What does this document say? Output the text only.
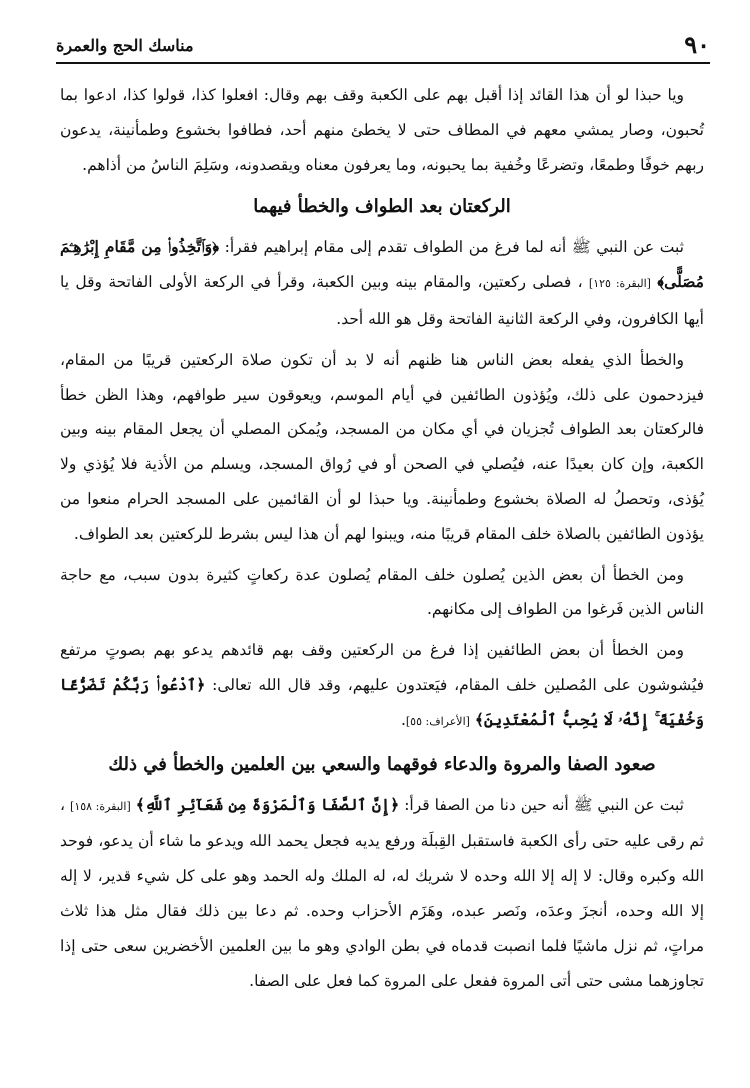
٩٠
مناسك الحج والعمرة

ويا حبذا لو أن هذا القائد إذا أقبل بهم على الكعبة وقف بهم وقال: افعلوا كذا، قولوا كذا، ادعوا بما تُحبون، وصار يمشي معهم في المطاف حتى لا يخطئ منهم أحد، فطافوا بخشوع وطمأنينة، يدعون ربهم خوفًا وطمعًا، وتضرعًا وخُفية بما يحبونه، وما يعرفون معناه ويقصدونه، وسَلِمَ الناسُ من أذاهم.

الركعتان بعد الطواف والخطأ فيهما

ثبت عن النبي ﷺ أنه لما فرغ من الطواف تقدم إلى مقام إبراهيم فقرأ: ﴿وَٱتَّخِذُوا۟ مِن مَّقَامِ إِبْرَٰهِـۧمَ مُصَلًّى﴾ [البقرة: ١٢٥] ، فصلى ركعتين، والمقام بينه وبين الكعبة، وقرأ في الركعة الأولى الفاتحة وقل يا أيها الكافرون، وفي الركعة الثانية الفاتحة وقل هو الله أحد.

والخطأ الذي يفعله بعض الناس هنا ظنهم أنه لا بد أن تكون صلاة الركعتين قريبًا من المقام، فيزدحمون على ذلك، ويُؤذون الطائفين في أيام الموسم، ويعوقون سير طوافهم، وهذا الظن خطأ فالركعتان بعد الطواف تُجزيان في أي مكان من المسجد، ويُمكن المصلي أن يجعل المقام بينه وبين الكعبة، وإن كان بعيدًا عنه، فيُصلي في الصحن أو في رُواق المسجد، ويسلم من الأذية فلا يُؤذي ولا يُؤذى، وتحصلُ له الصلاة بخشوع وطمأنينة. ويا حبذا لو أن القائمين على المسجد الحرام منعوا من يؤذون الطائفين بالصلاة خلف المقام قريبًا منه، ويبنوا لهم أن هذا ليس بشرط للركعتين بعد الطواف.

ومن الخطأ أن بعض الذين يُصلون خلف المقام يُصلون عدة ركعاتٍ كثيرة بدون سبب، مع حاجة الناس الذين فَرغوا من الطواف إلى مكانهم.

ومن الخطأ أن بعض الطائفين إذا فرغ من الركعتين وقف بهم قائدهم يدعو بهم بصوتٍ مرتفع فيُشوشون على المُصلين خلف المقام، فيَعتدون عليهم، وقد قال الله تعالى: ﴿ٱدْعُوا۟ رَبَّكُمْ تَضَرُّعًا وَخُفْيَةً ۚ إِنَّهُۥ لَا يُحِبُّ ٱلْمُعْتَدِينَ﴾ [الأعراف: ٥٥].

صعود الصفا والمروة والدعاء فوقهما والسعي بين العلمين والخطأ في ذلك

ثبت عن النبي ﷺ أنه حين دنا من الصفا قرأ: ﴿إِنَّ ٱلصَّفَا وَٱلْمَرْوَةَ مِن شَعَآئِرِ ٱللَّهِ﴾ [البقرة: ١٥٨] ، ثم رقى عليه حتى رأى الكعبة فاستقبل القِبلَة ورفع يديه فجعل يحمد الله ويدعو ما شاء أن يدعو، فوحد الله وكبره وقال: لا إله إلا الله وحده لا شريك له، له الملك وله الحمد وهو على كل شيء قدير، لا إله إلا الله وحده، أنجزَ وعدَه، ونَصر عبده، وهَزَم الأحزاب وحده. ثم دعا بين ذلك فقال مثل هذا ثلاث مراتٍ، ثم نزل ماشيًا فلما انصبت قدماه في بطن الوادي وهو ما بين العلمين الأخضرين سعى حتى إذا تجاوزهما مشى حتى أتى المروة ففعل على المروة كما فعل على الصفا.
